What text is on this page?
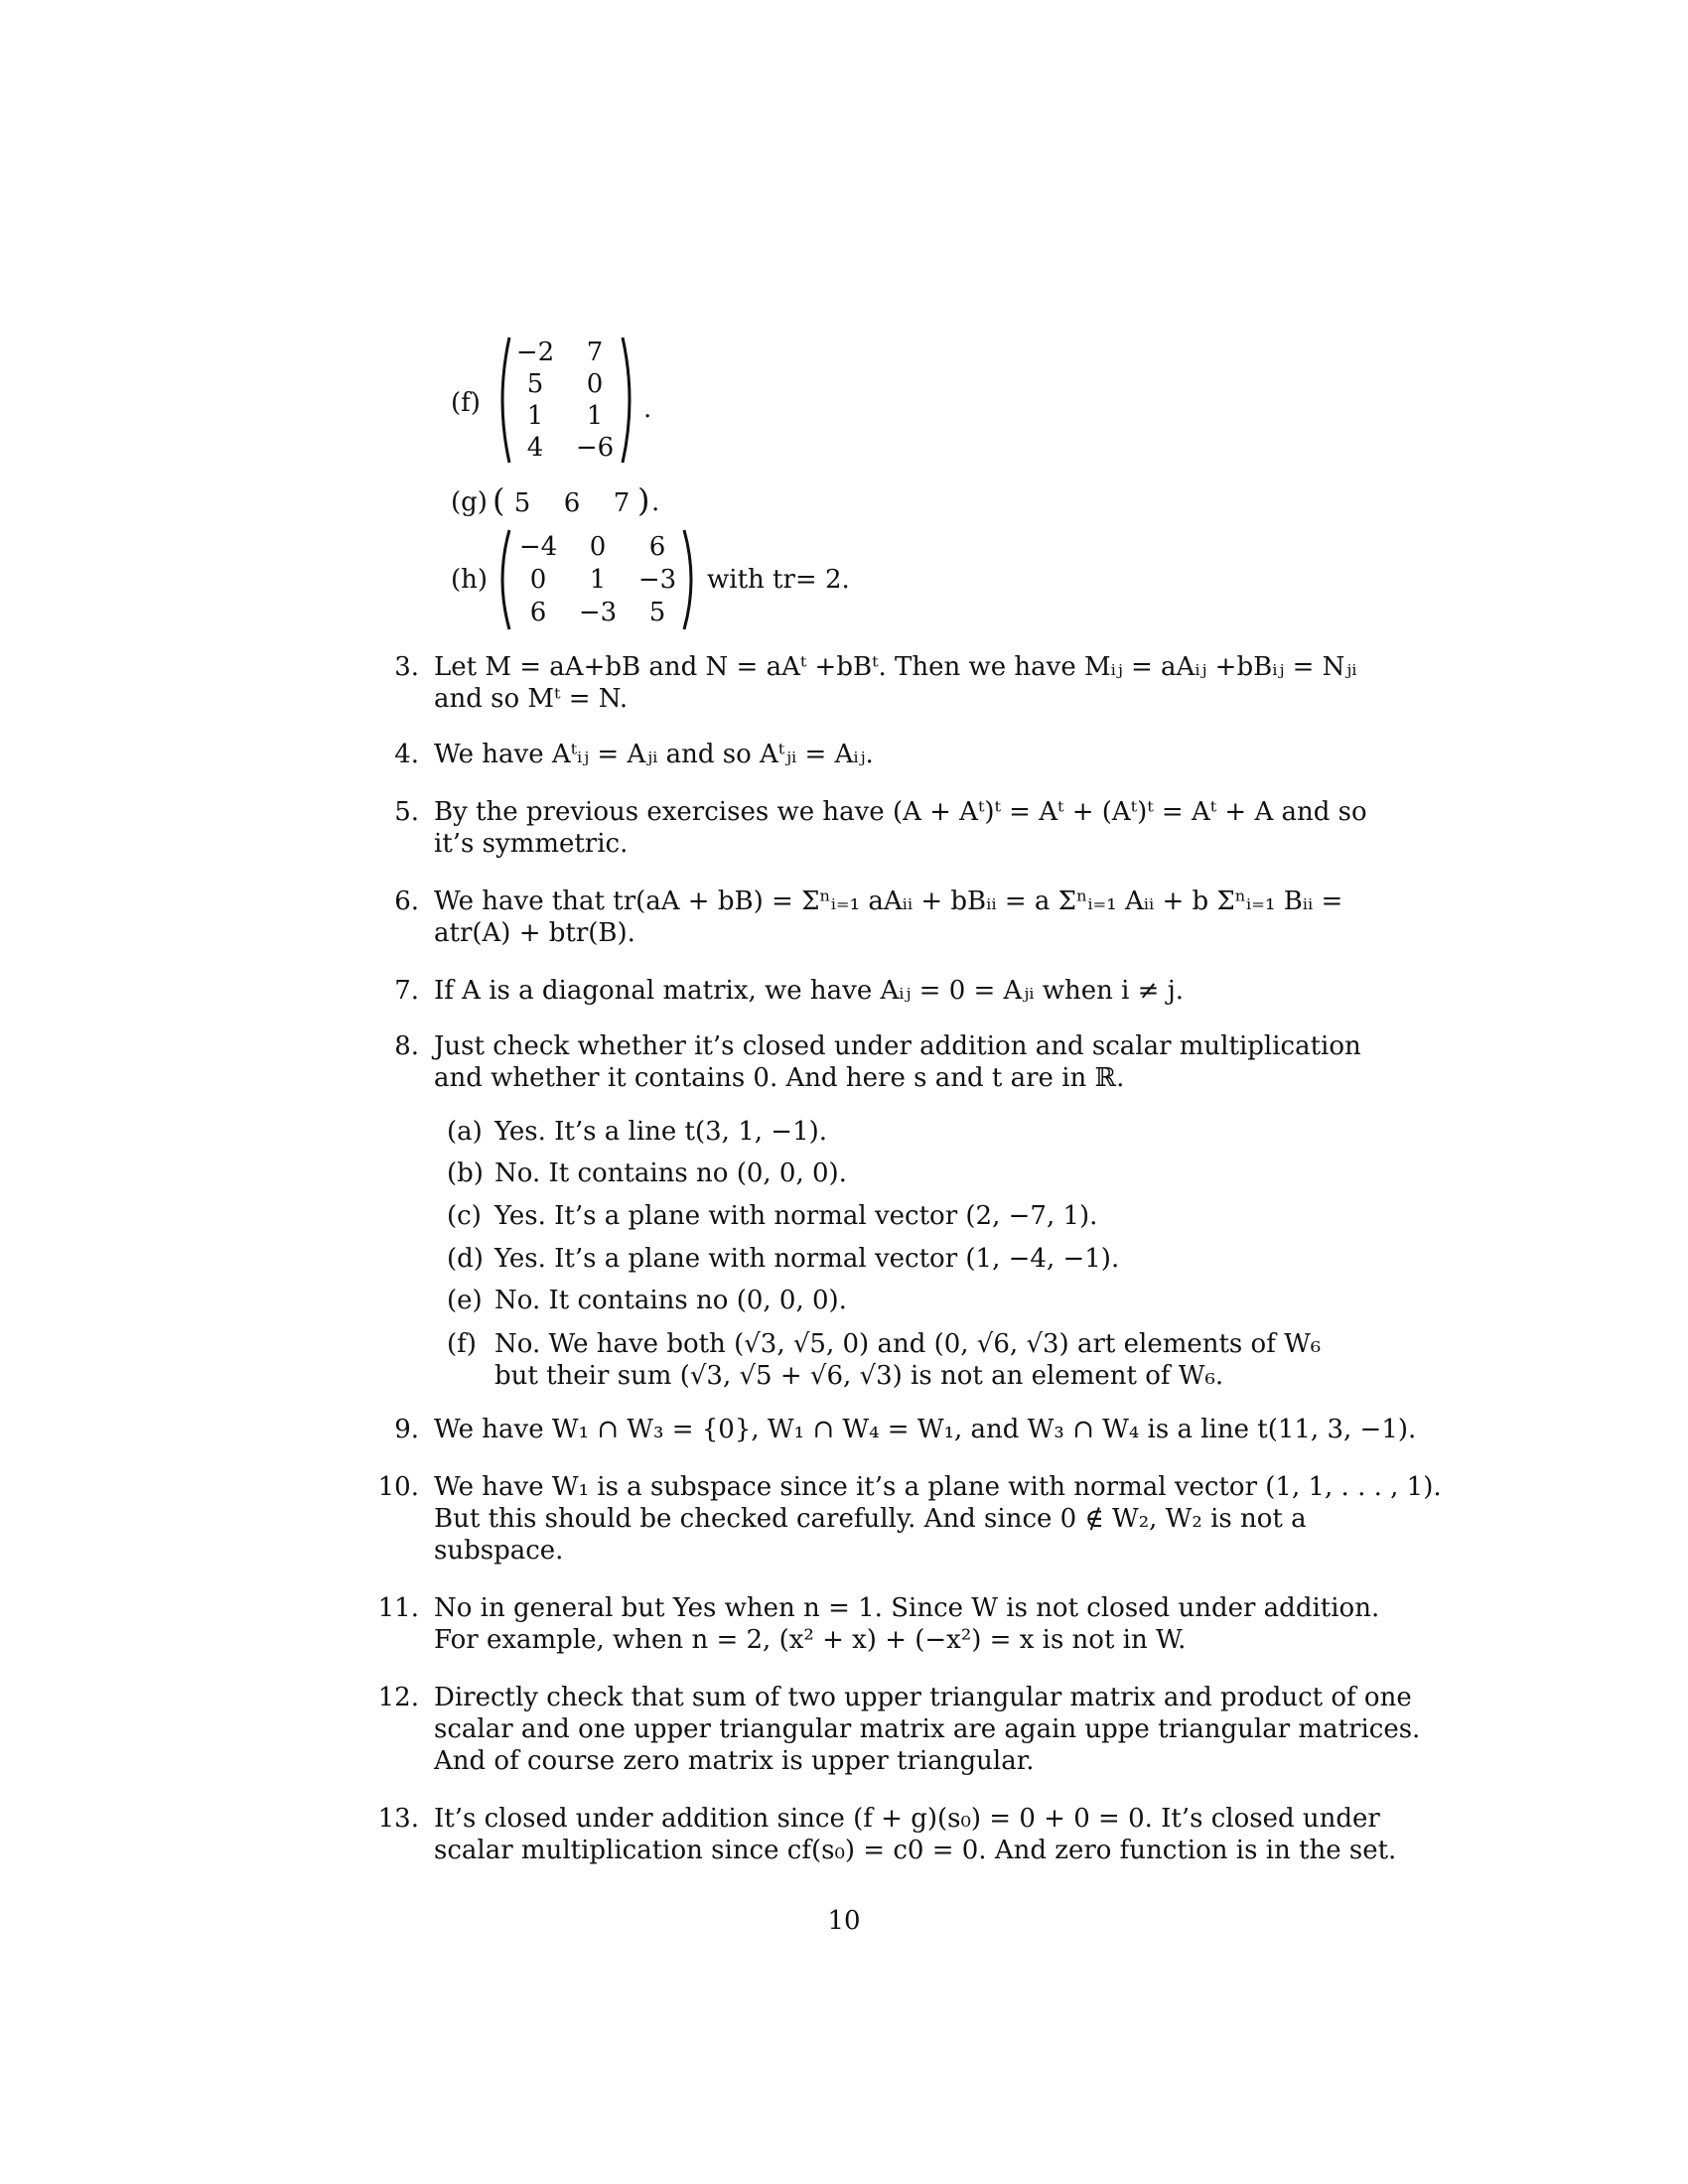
(f)
−2	7
5	0
1	1
4	−6
.
(g) ( 5	6	7 ) .
(h)
−4	0	6
0	1	−3
6	−3	5
with tr= 2.
3. Let M = aA+bB and N = aAᵗ +bBᵗ. Then we have Mᵢⱼ = aAᵢⱼ +bBᵢⱼ = Nⱼᵢ
and so Mᵗ = N.
4. We have Aᵗᵢⱼ = Aⱼᵢ and so Aᵗⱼᵢ = Aᵢⱼ.
5. By the previous exercises we have (A + Aᵗ)ᵗ = Aᵗ + (Aᵗ)ᵗ = Aᵗ + A and so
it’s symmetric.
6. We have that tr(aA + bB) = Σⁿᵢ₌₁ aAᵢᵢ + bBᵢᵢ = a Σⁿᵢ₌₁ Aᵢᵢ + b Σⁿᵢ₌₁ Bᵢᵢ =
atr(A) + btr(B).
7. If A is a diagonal matrix, we have Aᵢⱼ = 0 = Aⱼᵢ when i ≠ j.
8. Just check whether it’s closed under addition and scalar multiplication
and whether it contains 0. And here s and t are in ℝ.
(a) Yes. It’s a line t(3, 1, −1).
(b) No. It contains no (0, 0, 0).
(c) Yes. It’s a plane with normal vector (2, −7, 1).
(d) Yes. It’s a plane with normal vector (1, −4, −1).
(e) No. It contains no (0, 0, 0).
(f) No. We have both (√3, √5, 0) and (0, √6, √3) art elements of W₆
but their sum (√3, √5 + √6, √3) is not an element of W₆.
9. We have W₁ ∩ W₃ = {0}, W₁ ∩ W₄ = W₁, and W₃ ∩ W₄ is a line t(11, 3, −1).
10. We have W₁ is a subspace since it’s a plane with normal vector (1, 1, . . . , 1).
But this should be checked carefully. And since 0 ∉ W₂, W₂ is not a
subspace.
11. No in general but Yes when n = 1. Since W is not closed under addition.
For example, when n = 2, (x² + x) + (−x²) = x is not in W.
12. Directly check that sum of two upper triangular matrix and product of one
scalar and one upper triangular matrix are again uppe triangular matrices.
And of course zero matrix is upper triangular.
13. It’s closed under addition since (f + g)(s₀) = 0 + 0 = 0. It’s closed under
scalar multiplication since cf(s₀) = c0 = 0. And zero function is in the set.
10
